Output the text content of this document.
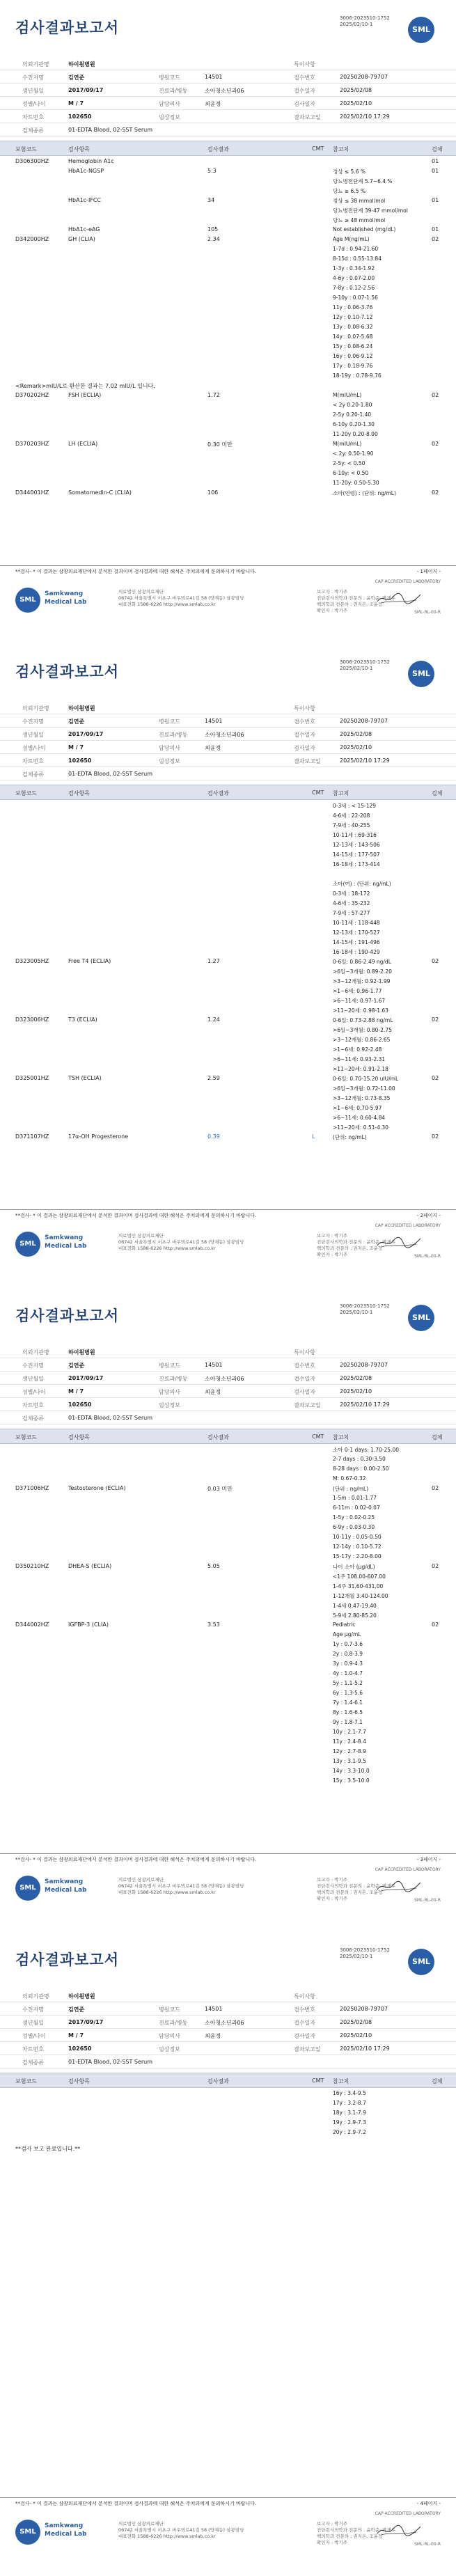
검사결과보고서
3006-2023510-1752
2025/02/10-1
SML
의뢰기관명	하이원병원	특이사항
수진자명	김연준	병원코드	14501	접수번호	20250208-79707
생년월일	2017/09/17	진료과/병동	소아청소년과06	접수일자	2025/02/08
성별/나이	M / 7	담당의사	최윤정	검사일자	2025/02/10
차트번호	102650	임상정보	결과보고일	2025/02/10 17:29
검체종류	01-EDTA Blood, 02-SST Serum
보험코드	검사항목	검사결과	CMT 참고치	검체
D306300HZ	Hemoglobin A1c	01
HbA1c-NGSP	5.3	정상 ≤ 5.6 %	01
당뇨병전단계 5.7~6.4 %
당뇨 ≥ 6.5 %
HbA1c-IFCC	34	정상 ≤ 38 mmol/mol	01
당뇨병전단계 39-47 mmol/mol
당뇨 ≥ 48 mmol/mol
HbA1c-eAG	105	Not established (mg/dL)	01
D342000HZ	GH (CLIA)	2.34	Age M(ng/mL)	02
1-7d : 0.94-21.60
8-15d : 0.55-13.84
1-3y : 0.34-1.92
4-6y : 0.07-2.00
7-8y : 0.12-2.56
9-10y : 0.07-1.56
11y : 0.06-3.76
12y : 0.10-7.12
13y : 0.08-6.32
14y : 0.07-5.68
15y : 0.08-6.24
16y : 0.06-9.12
17y : 0.18-9.76
18-19y : 0.78-9.76
<Remark>mIU/L로 환산한 결과는 7.02 mIU/L 입니다.
D370202HZ	FSH (ECLIA)	1.72	M(mIU/mL)	02
< 2y 0.20-1.80
2-5y 0.20-1.40
6-10y 0.20-1.30
11-20y 0.20-8.00
D370203HZ	LH (ECLIA)	0.30 미만	M(mIU/mL)	02
< 2y: 0.50-1.90
2-5y: < 0.50
6-10y: < 0.50
11-20y: 0.50-5.30
D344001HZ	Somatomedin-C (CLIA)	106	소아(연령) : (단위: ng/mL)	02
**검사- * 이 결과는 삼광의료재단에서 분석한 결과이며 검사결과에 대한 해석은 주치의에게 문의하시기 바랍니다.	- 1페이지 -
CAP ACCREDITED LABORATORY
SML
Samkwang
Medical Lab
의료법인 삼광의료재단
06742 서울특별시 서초구 바우뫼로41길 58 (양재동) 삼광빌딩
대표전화 1588-6226 http://www.smlab.co.kr
보고자 : 박기주
진단검사의학과 전문의 : 윤학준, 박재우
핵의학과 전문의 : 권지은, 조윤정
확인자 : 박기주	SML-RL-00-R
검사결과보고서
3006-2023510-1752
2025/02/10-1
SML
의뢰기관명	하이원병원	특이사항
수진자명	김연준	병원코드	14501	접수번호	20250208-79707
생년월일	2017/09/17	진료과/병동	소아청소년과06	접수일자	2025/02/08
성별/나이	M / 7	담당의사	최윤정	검사일자	2025/02/10
차트번호	102650	임상정보	결과보고일	2025/02/10 17:29
검체종류	01-EDTA Blood, 02-SST Serum
보험코드	검사항목	검사결과	CMT 참고치	검체
0-3세 : < 15-129
4-6세 : 22-208
7-9세 : 40-255
10-11세 : 69-316
12-13세 : 143-506
14-15세 : 177-507
16-18세 : 173-414
소아(여) : (단위: ng/mL)
0-3세 : 18-172
4-6세 : 35-232
7-9세 : 57-277
10-11세 : 118-448
12-13세 : 170-527
14-15세 : 191-496
16-18세 : 190-429
D323005HZ	Free T4 (ECLIA)	1.27	0-6일: 0.86-2.49 ng/dL	02
>6일~3개월: 0.89-2.20
>3~12개월: 0.92-1.99
>1~6세: 0.96-1.77
>6~11세: 0.97-1.67
>11~20세: 0.98-1.63
D323006HZ	T3 (ECLIA)	1.24	0-6일: 0.73-2.88 ng/mL	02
>6일~3개월: 0.80-2.75
>3~12개월: 0.86-2.65
>1~6세: 0.92-2.48
>6~11세: 0.93-2.31
>11~20세: 0.91-2.18
D325001HZ	TSH (ECLIA)	2.59	0-6일: 0.70-15.20 uIU/mL	02
>6일~3개월: 0.72-11.00
>3~12개월: 0.73-8.35
>1~6세: 0.70-5.97
>6~11세: 0.60-4.84
>11~20세: 0.51-4.30
D371107HZ	17α-OH Progesterone	0.39	L	(단위: ng/mL)	02
**검사- * 이 결과는 삼광의료재단에서 분석한 결과이며 검사결과에 대한 해석은 주치의에게 문의하시기 바랍니다.	- 2페이지 -
CAP ACCREDITED LABORATORY
SML
Samkwang
Medical Lab
의료법인 삼광의료재단
06742 서울특별시 서초구 바우뫼로41길 58 (양재동) 삼광빌딩
대표전화 1588-6226 http://www.smlab.co.kr
보고자 : 박기주
진단검사의학과 전문의 : 윤학준, 박재우
핵의학과 전문의 : 권지은, 조윤정
확인자 : 박기주	SML-RL-00-R
검사결과보고서
3006-2023510-1752
2025/02/10-1
SML
의뢰기관명	하이원병원	특이사항
수진자명	김연준	병원코드	14501	접수번호	20250208-79707
생년월일	2017/09/17	진료과/병동	소아청소년과06	접수일자	2025/02/08
성별/나이	M / 7	담당의사	최윤정	검사일자	2025/02/10
차트번호	102650	임상정보	결과보고일	2025/02/10 17:29
검체종류	01-EDTA Blood, 02-SST Serum
보험코드	검사항목	검사결과	CMT 참고치	검체
소아 0-1 days: 1.70-25.00
2-7 days : 0.30-3.50
8-28 days : 0.00-2.50
M: 0.67-0.32
D371006HZ	Testosterone (ECLIA)	0.03 미만	(단위 : ng/mL)	02
1-5m : 0.01-1.77
6-11m : 0.02-0.07
1-5y : 0.02-0.25
6-9y : 0.03-0.30
10-11y : 0.05-0.50
12-14y : 0.10-5.72
15-17y : 2.20-8.00
D350210HZ	DHEA-S (ECLIA)	5.05	나이 소아 (μg/dL)	02
<1주 108.00-607.00
1-4주 31.60-431.00
1-12개월 3.40-124.00
1-4세 0.47-19.40
5-9세 2.80-85.20
D344002HZ	IGFBP-3 (CLIA)	3.53	Pediatric	02
Age μg/mL
1y : 0.7-3.6
2y : 0.8-3.9
3y : 0.9-4.3
4y : 1.0-4.7
5y : 1.1-5.2
6y : 1.3-5.6
7y : 1.4-6.1
8y : 1.6-6.5
9y : 1.8-7.1
10y : 2.1-7.7
11y : 2.4-8.4
12y : 2.7-8.9
13y : 3.1-9.5
14y : 3.3-10.0
15y : 3.5-10.0
**검사- * 이 결과는 삼광의료재단에서 분석한 결과이며 검사결과에 대한 해석은 주치의에게 문의하시기 바랍니다.	- 3페이지 -
CAP ACCREDITED LABORATORY
SML
Samkwang
Medical Lab
의료법인 삼광의료재단
06742 서울특별시 서초구 바우뫼로41길 58 (양재동) 삼광빌딩
대표전화 1588-6226 http://www.smlab.co.kr
보고자 : 박기주
진단검사의학과 전문의 : 윤학준, 박재우
핵의학과 전문의 : 권지은, 조윤정
확인자 : 박기주	SML-RL-00-R
검사결과보고서
3006-2023510-1752
2025/02/10-1
SML
의뢰기관명	하이원병원	특이사항
수진자명	김연준	병원코드	14501	접수번호	20250208-79707
생년월일	2017/09/17	진료과/병동	소아청소년과06	접수일자	2025/02/08
성별/나이	M / 7	담당의사	최윤정	검사일자	2025/02/10
차트번호	102650	임상정보	결과보고일	2025/02/10 17:29
검체종류	01-EDTA Blood, 02-SST Serum
보험코드	검사항목	검사결과	CMT 참고치	검체
16y : 3.4-9.5
17y : 3.2-8.7
18y : 3.1-7.9
19y : 2.9-7.3
20y : 2.9-7.2
**검사- * 이 결과는 삼광의료재단에서 분석한 결과이며 검사결과에 대한 해석은 주치의에게 문의하시기 바랍니다.	- 4페이지 -
CAP ACCREDITED LABORATORY
SML
Samkwang
Medical Lab
의료법인 삼광의료재단
06742 서울특별시 서초구 바우뫼로41길 58 (양재동) 삼광빌딩
대표전화 1588-6226 http://www.smlab.co.kr
보고자 : 박기주
진단검사의학과 전문의 : 윤학준, 박재우
핵의학과 전문의 : 권지은, 조윤정
확인자 : 박기주	SML-RL-00-R
**검사 보고 완료입니다.**
